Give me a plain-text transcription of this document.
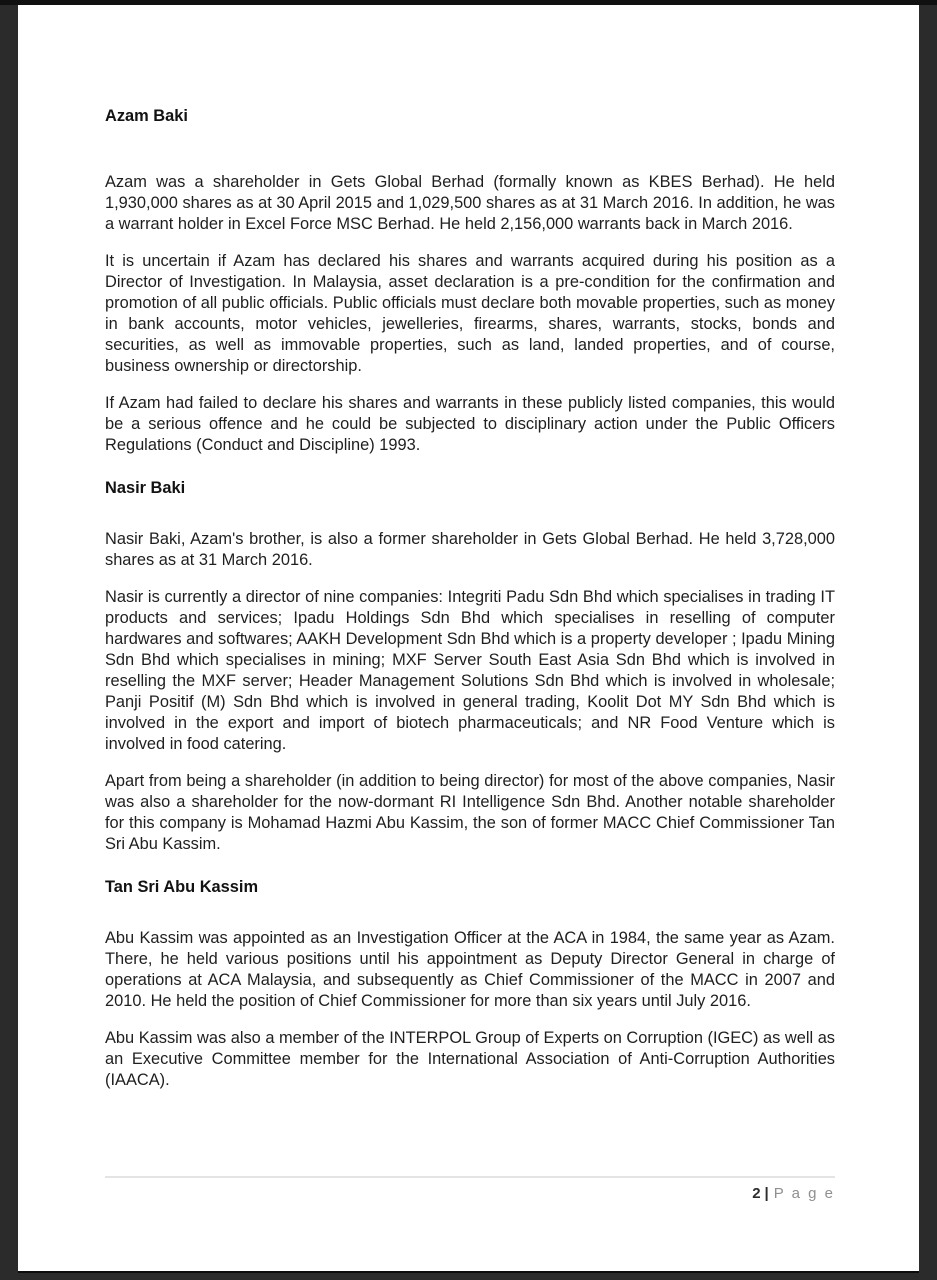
Azam Baki

Azam was a shareholder in Gets Global Berhad (formally known as KBES Berhad). He held 1,930,000 shares as at 30 April 2015 and 1,029,500 shares as at 31 March 2016. In addition, he was a warrant holder in Excel Force MSC Berhad. He held 2,156,000 warrants back in March 2016.

It is uncertain if Azam has declared his shares and warrants acquired during his position as a Director of Investigation. In Malaysia, asset declaration is a pre-condition for the confirmation and promotion of all public officials. Public officials must declare both movable properties, such as money in bank accounts, motor vehicles, jewelleries, firearms, shares, warrants, stocks, bonds and securities, as well as immovable properties, such as land, landed properties, and of course, business ownership or directorship.

If Azam had failed to declare his shares and warrants in these publicly listed companies, this would be a serious offence and he could be subjected to disciplinary action under the Public Officers Regulations (Conduct and Discipline) 1993.

Nasir Baki

Nasir Baki, Azam's brother, is also a former shareholder in Gets Global Berhad. He held 3,728,000 shares as at 31 March 2016.

Nasir is currently a director of nine companies: Integriti Padu Sdn Bhd which specialises in trading IT products and services; Ipadu Holdings Sdn Bhd which specialises in reselling of computer hardwares and softwares; AAKH Development Sdn Bhd which is a property developer ; Ipadu Mining Sdn Bhd which specialises in mining; MXF Server South East Asia Sdn Bhd which is involved in reselling the MXF server; Header Management Solutions Sdn Bhd which is involved in wholesale; Panji Positif (M) Sdn Bhd which is involved in general trading, Koolit Dot MY Sdn Bhd which is involved in the export and import of biotech pharmaceuticals; and NR Food Venture which is involved in food catering.

Apart from being a shareholder (in addition to being director) for most of the above companies, Nasir was also a shareholder for the now-dormant RI Intelligence Sdn Bhd. Another notable shareholder for this company is Mohamad Hazmi Abu Kassim, the son of former MACC Chief Commissioner Tan Sri Abu Kassim.

Tan Sri Abu Kassim

Abu Kassim was appointed as an Investigation Officer at the ACA in 1984, the same year as Azam. There, he held various positions until his appointment as Deputy Director General in charge of operations at ACA Malaysia, and subsequently as Chief Commissioner of the MACC in 2007 and 2010. He held the position of Chief Commissioner for more than six years until July 2016.

Abu Kassim was also a member of the INTERPOL Group of Experts on Corruption (IGEC) as well as an Executive Committee member for the International Association of Anti-Corruption Authorities (IAACA).

2 | P a g e
